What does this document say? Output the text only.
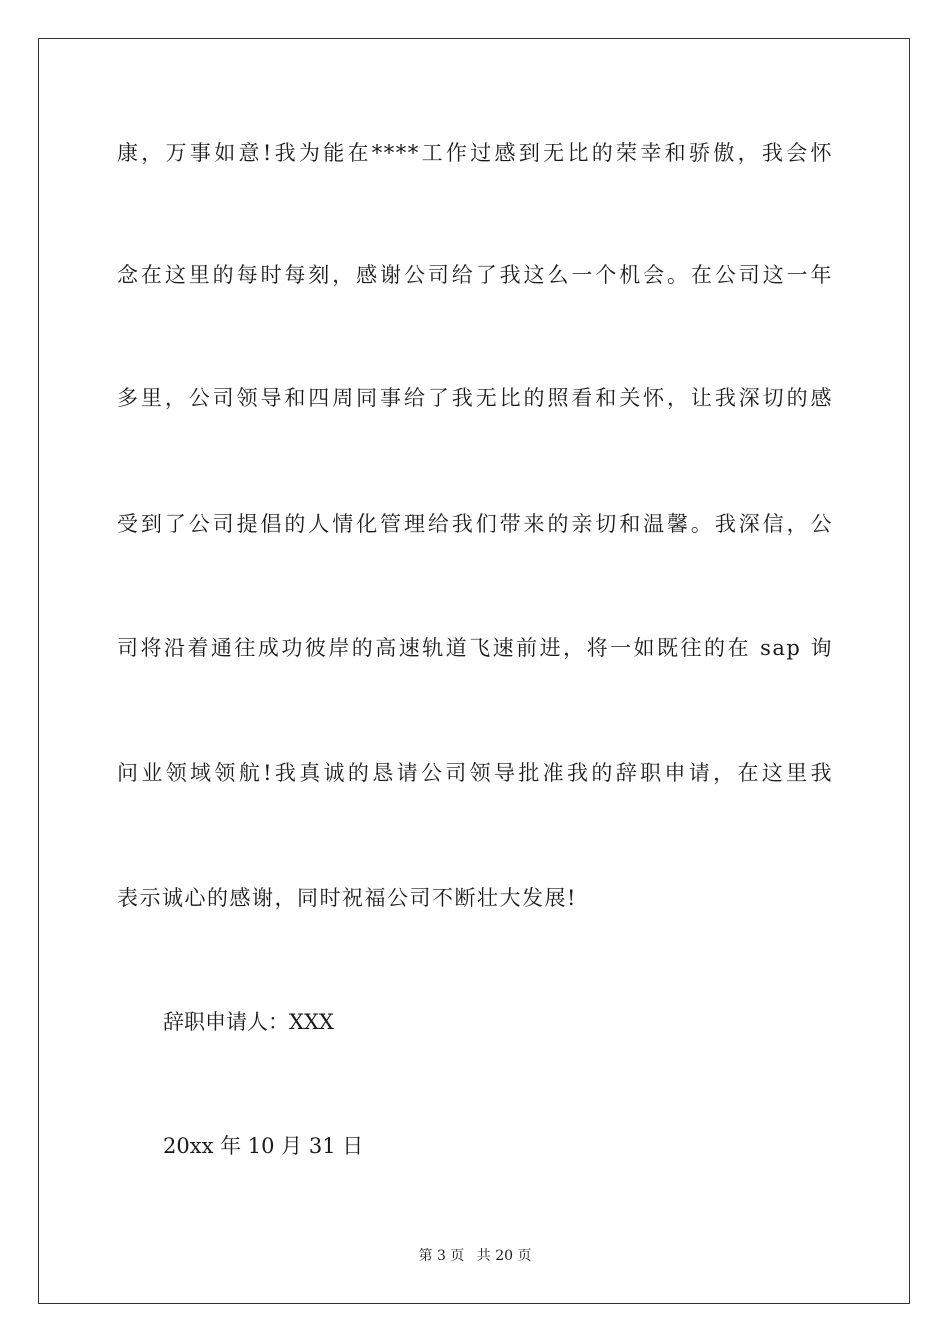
康，万事如意!我为能在****工作过感到无比的荣幸和骄傲，我会怀
念在这里的每时每刻，感谢公司给了我这么一个机会。在公司这一年
多里，公司领导和四周同事给了我无比的照看和关怀，让我深切的感
受到了公司提倡的人情化管理给我们带来的亲切和温馨。我深信，公
司将沿着通往成功彼岸的高速轨道飞速前进，将一如既往的在 sap 询
问业领域领航!我真诚的恳请公司领导批准我的辞职申请，在这里我
表示诚心的感谢，同时祝福公司不断壮大发展!
辞职申请人：XXX
20xx 年 10 月 31 日
第 3 页 共 20 页
